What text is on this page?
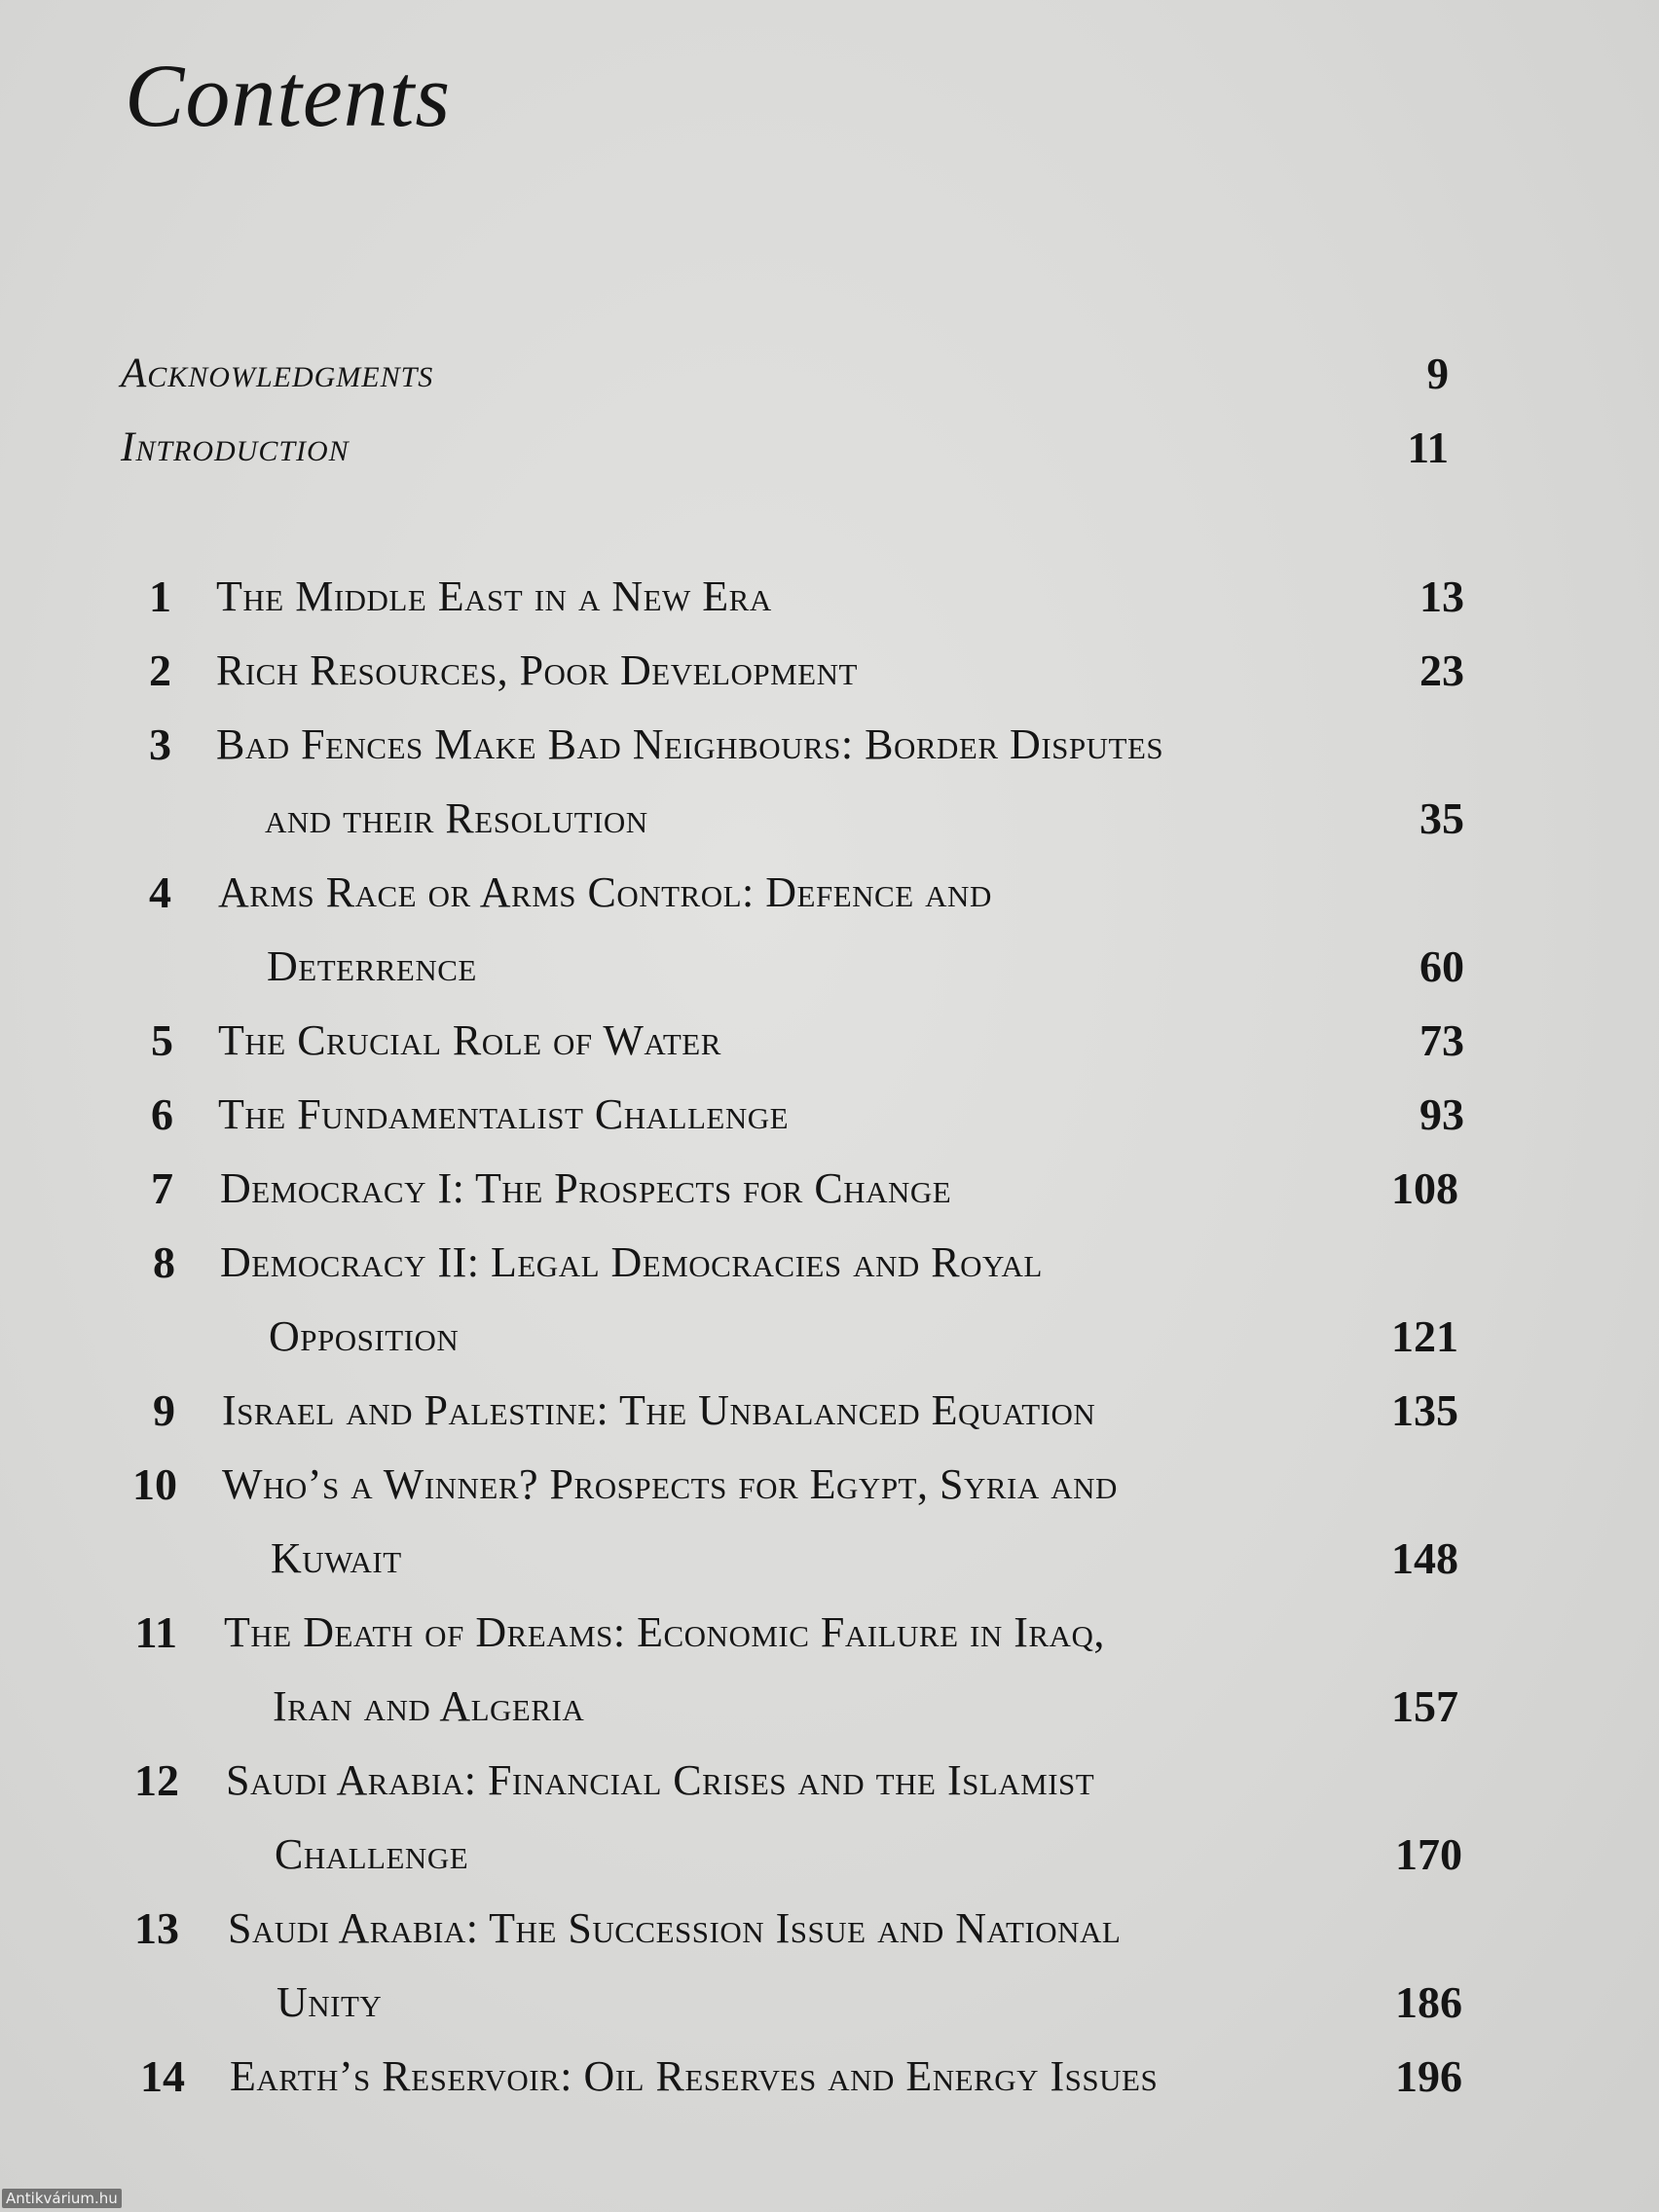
Contents
Acknowledgments	9
Introduction	11
1 The Middle East in a New Era	13
2 Rich Resources, Poor Development	23
3 Bad Fences Make Bad Neighbours: Border Disputes
and their Resolution	35
4 Arms Race or Arms Control: Defence and
Deterrence	60
5 The Crucial Role of Water	73
6 The Fundamentalist Challenge	93
7 Democracy I: The Prospects for Change	108
8 Democracy II: Legal Democracies and Royal
Opposition	121
9 Israel and Palestine: The Unbalanced Equation	135
10 Who’s a Winner? Prospects for Egypt, Syria and
Kuwait	148
11 The Death of Dreams: Economic Failure in Iraq,
Iran and Algeria	157
12 Saudi Arabia: Financial Crises and the Islamist
Challenge	170
13 Saudi Arabia: The Succession Issue and National
Unity	186
14 Earth’s Reservoir: Oil Reserves and Energy Issues	196
Antikvárium.hu
